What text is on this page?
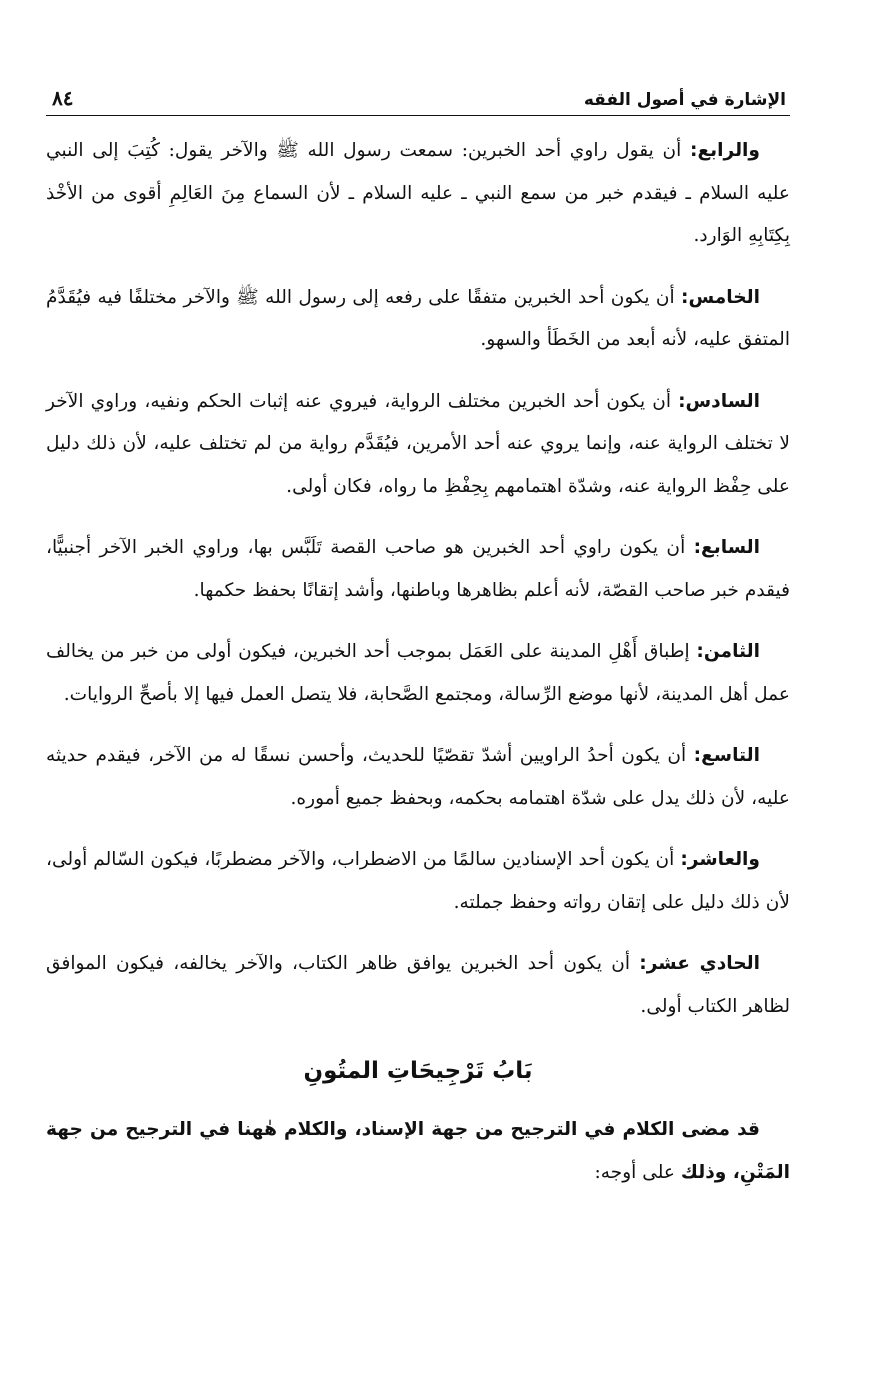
الإشارة في أصول الفقه
٨٤

والرابع: أن يقول راوي أحد الخبرين: سمعت رسول الله ﷺ والآخر يقول: كُتِبَ إلى النبي عليه السلام ـ فيقدم خبر من سمع النبي ـ عليه السلام ـ لأن السماع مِنَ العَالِمِ أقوى من الأخْذ بِكِتَابِهِ الوَارد.

الخامس: أن يكون أحد الخبرين متفقًا على رفعه إلى رسول الله ﷺ والآخر مختلفًا فيه فيُقَدَّمُ المتفق عليه، لأنه أبعد من الخَطَأ والسهو.

السادس: أن يكون أحد الخبرين مختلف الرواية، فيروي عنه إثبات الحكم ونفيه، وراوي الآخر لا تختلف الرواية عنه، وإنما يروي عنه أحد الأمرين، فيُقَدَّم رواية من لم تختلف عليه، لأن ذلك دليل على حِفْظ الرواية عنه، وشدّة اهتمامهم بِحِفْظِ ما رواه، فكان أولى.

السابع: أن يكون راوي أحد الخبرين هو صاحب القصة تَلَبَّس بها، وراوي الخبر الآخر أجنبيًّا، فيقدم خبر صاحب القصّة، لأنه أعلم بظاهرها وباطنها، وأشد إتقانًا بحفظ حكمها.

الثامن: إطباق أَهْلِ المدينة على العَمَل بموجب أحد الخبرين، فيكون أولى من خبر من يخالف عمل أهل المدينة، لأنها موضع الرِّسالة، ومجتمع الصَّحابة، فلا يتصل العمل فيها إلا بأصحِّ الروايات.

التاسع: أن يكون أحدُ الراويين أشدّ تقصّيًا للحديث، وأحسن نسقًا له من الآخر، فيقدم حديثه عليه، لأن ذلك يدل على شدّة اهتمامه بحكمه، وبحفظ جميع أموره.

والعاشر: أن يكون أحد الإسنادين سالمًا من الاضطراب، والآخر مضطربًا، فيكون السّالم أولى، لأن ذلك دليل على إتقان رواته وحفظ جملته.

الحادي عشر: أن يكون أحد الخبرين يوافق ظاهر الكتاب، والآخر يخالفه، فيكون الموافق لظاهر الكتاب أولى.

بَابُ تَرْجِيحَاتِ المتُونِ

قد مضى الكلام في الترجيح من جهة الإسناد، والكلام هٰهنا في الترجيح من جهة المَتْنِ، وذلك على أوجه:
